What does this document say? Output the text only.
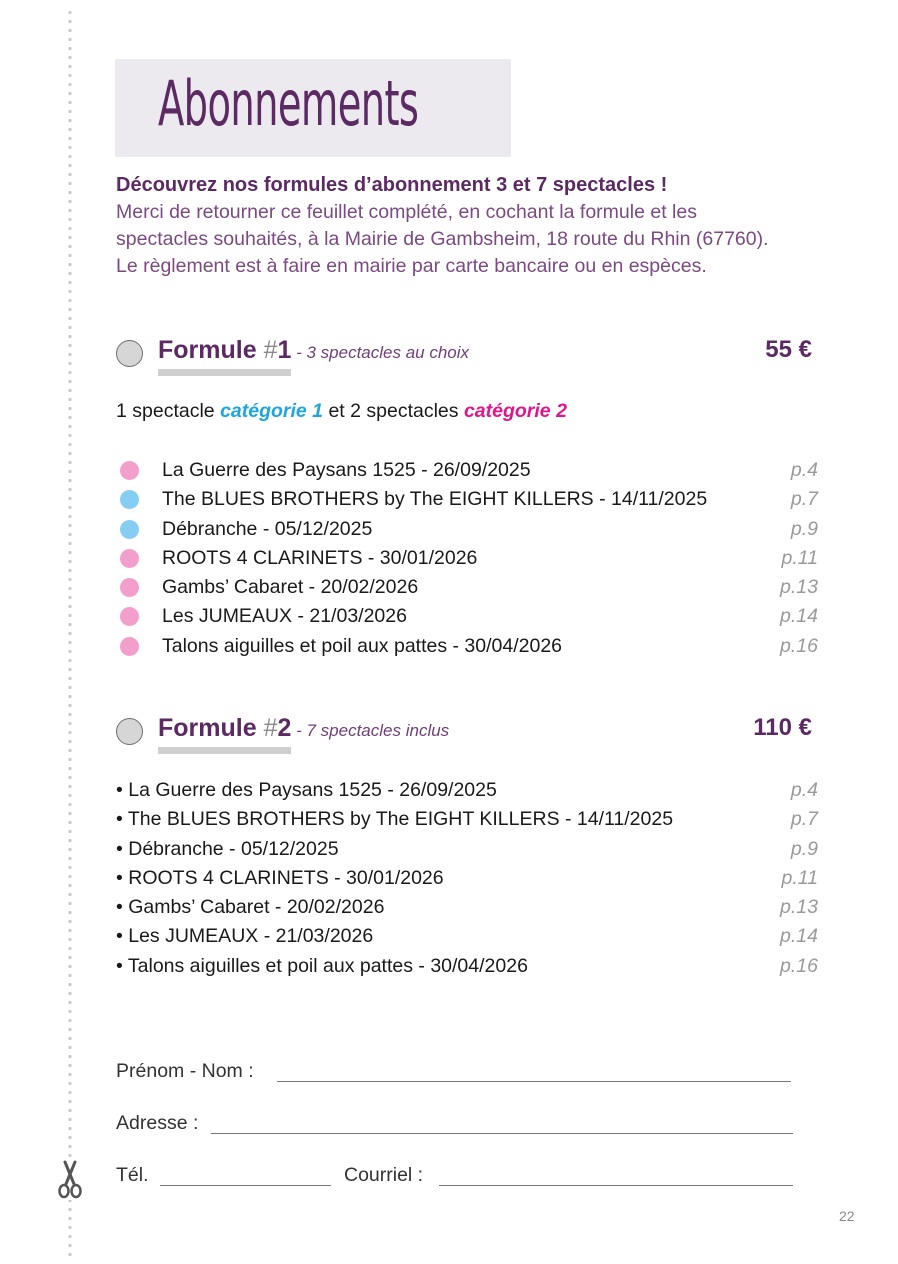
Abonnements
Découvrez nos formules d’abonnement 3 et 7 spectacles !
Merci de retourner ce feuillet complété, en cochant la formule et les
spectacles souhaités, à la Mairie de Gambsheim, 18 route du Rhin (67760).
Le règlement est à faire en mairie par carte bancaire ou en espèces.
Formule #1 - 3 spectacles au choix	55 €
1 spectacle catégorie 1 et 2 spectacles catégorie 2
La Guerre des Paysans 1525 - 26/09/2025	p.4
The BLUES BROTHERS by The EIGHT KILLERS - 14/11/2025	p.7
Débranche - 05/12/2025	p.9
ROOTS 4 CLARINETS - 30/01/2026	p.11
Gambs’ Cabaret - 20/02/2026	p.13
Les JUMEAUX - 21/03/2026	p.14
Talons aiguilles et poil aux pattes - 30/04/2026	p.16
Formule #2 - 7 spectacles inclus	110 €
• La Guerre des Paysans 1525 - 26/09/2025	p.4
• The BLUES BROTHERS by The EIGHT KILLERS - 14/11/2025	p.7
• Débranche - 05/12/2025	p.9
• ROOTS 4 CLARINETS - 30/01/2026	p.11
• Gambs’ Cabaret - 20/02/2026	p.13
• Les JUMEAUX - 21/03/2026	p.14
• Talons aiguilles et poil aux pattes - 30/04/2026	p.16
Prénom - Nom :
Adresse :
Tél.	Courriel :
22
